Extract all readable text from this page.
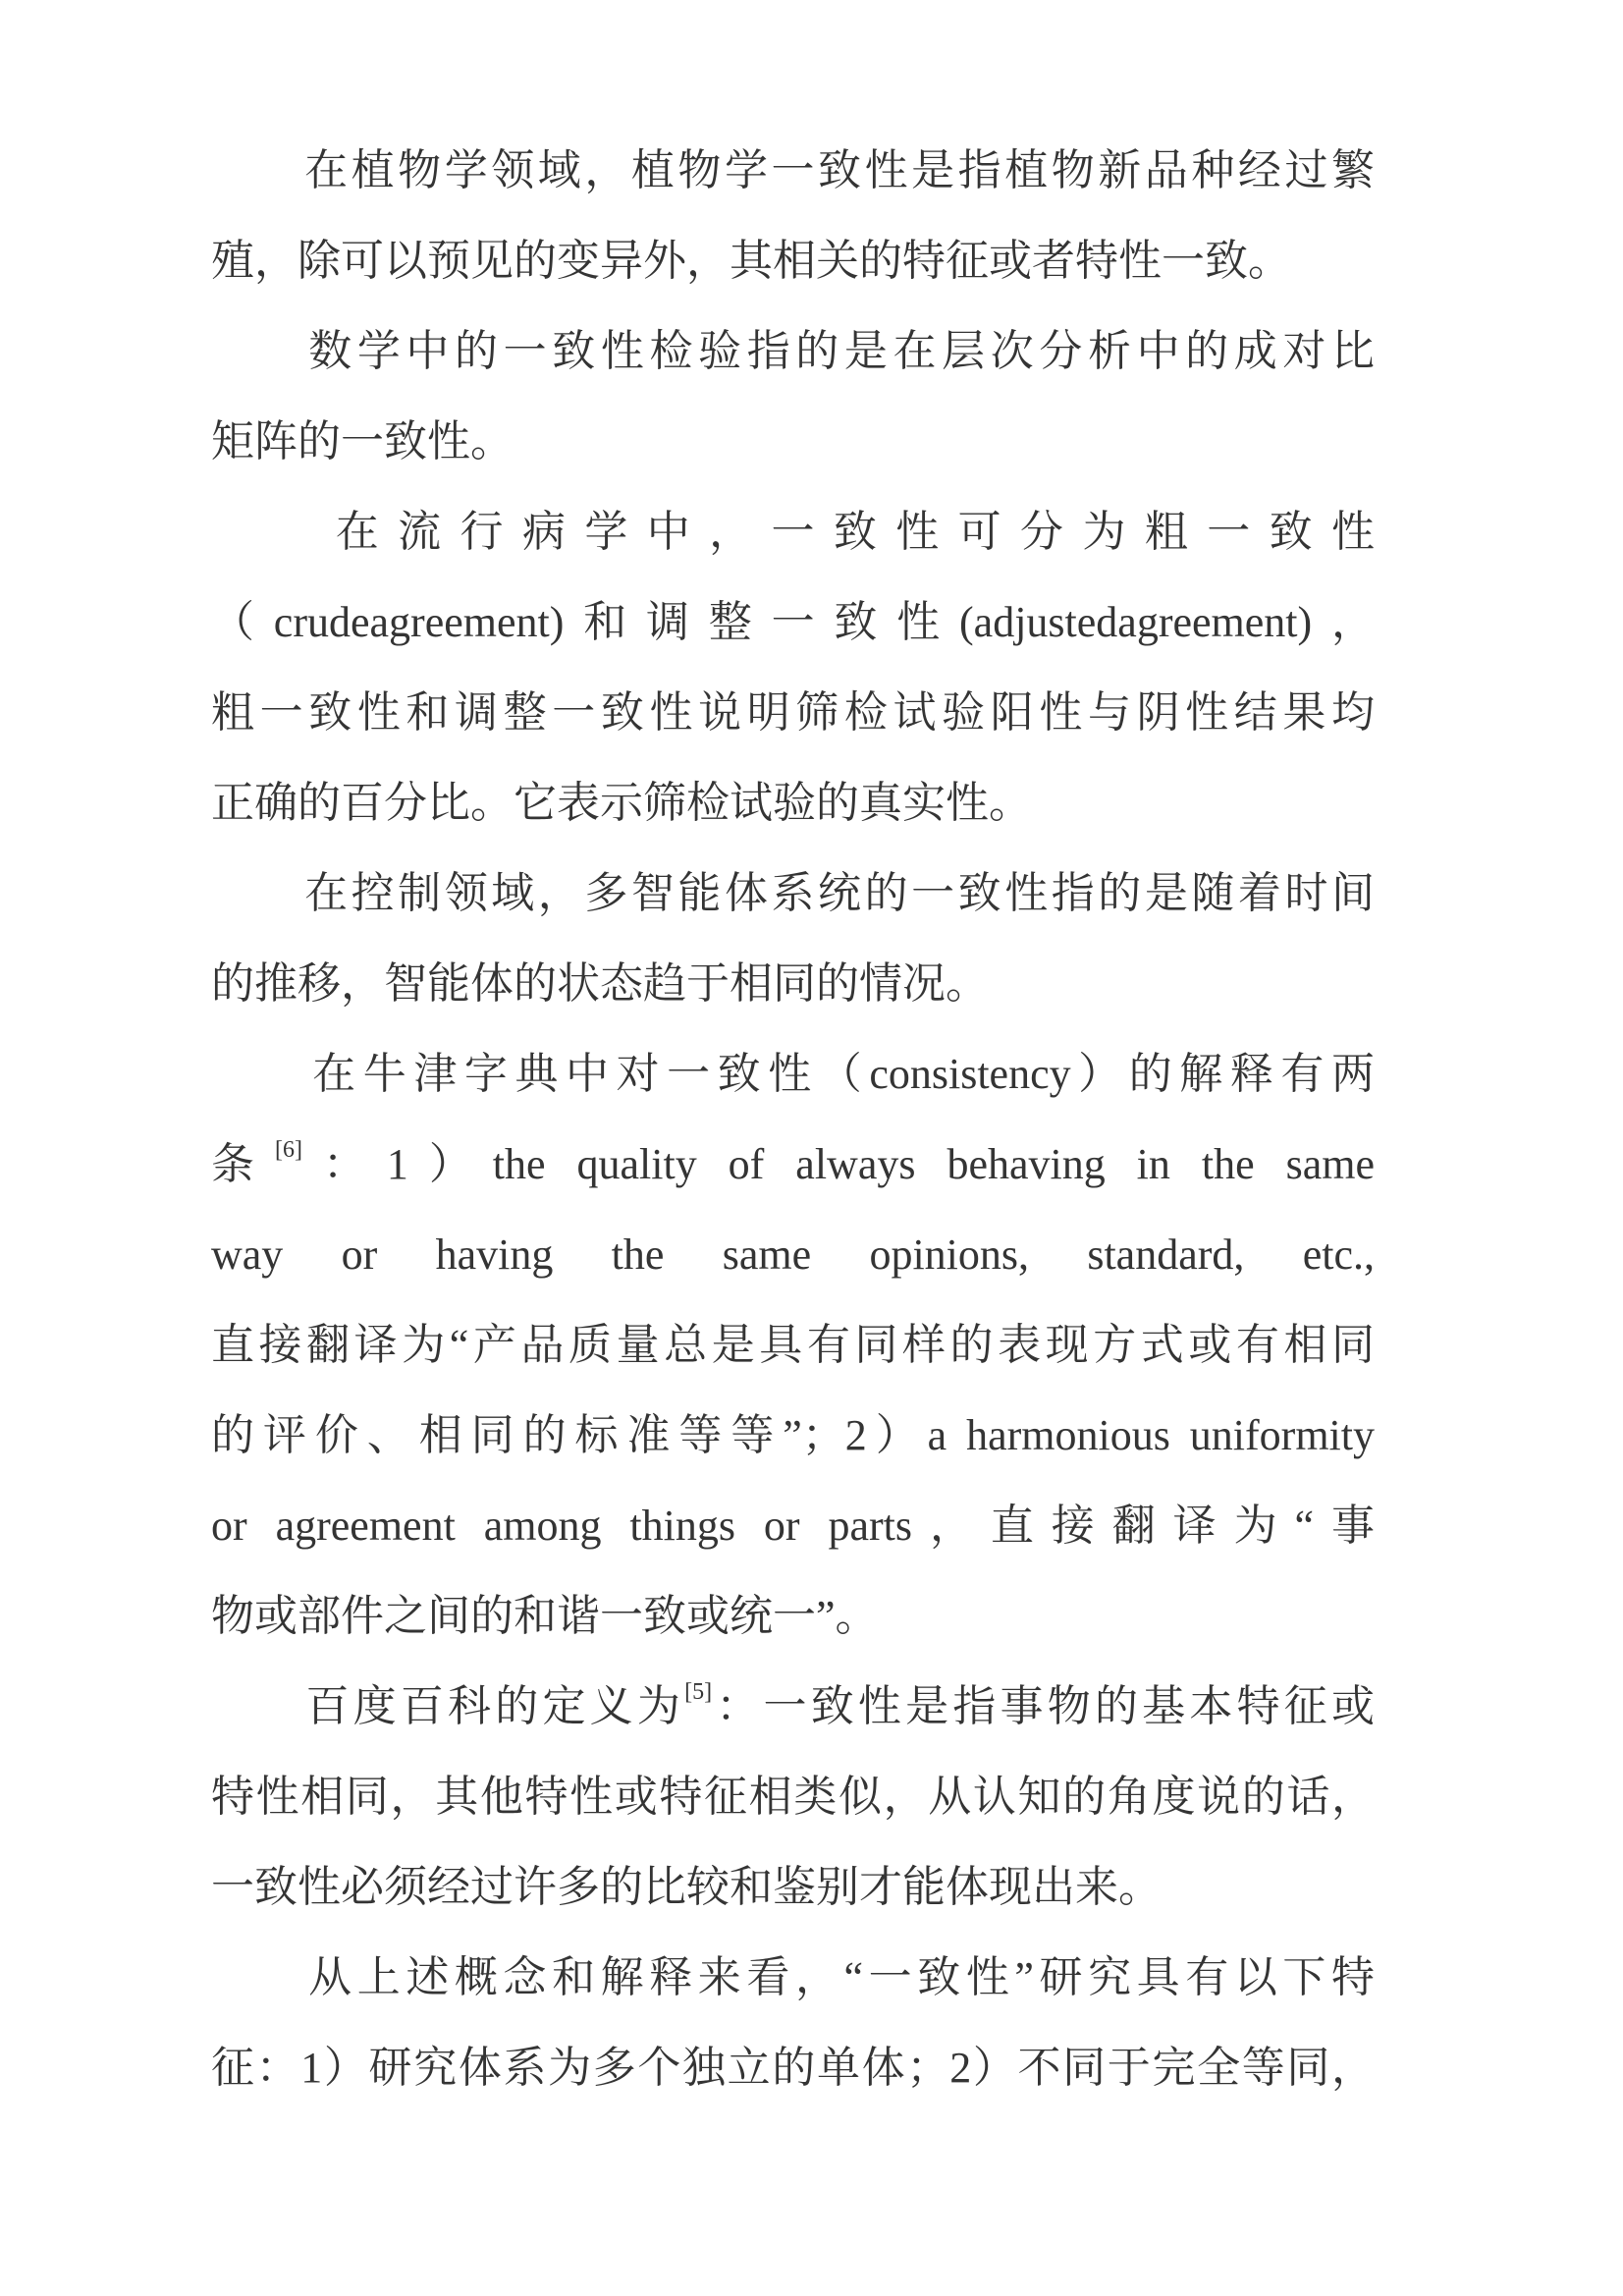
　　在植物学领域，植物学一致性是指植物新品种经过繁
殖，除可以预见的变异外，其相关的特征或者特性一致。
　　数学中的一致性检验指的是在层次分析中的成对比
矩阵的一致性。
　　在流行病学中，一致性可分为粗一致性
（crudeagreement)和调整一致性(adjustedagreement)，
粗一致性和调整一致性说明筛检试验阳性与阴性结果均
正确的百分比。它表示筛检试验的真实性。
　　在控制领域，多智能体系统的一致性指的是随着时间
的推移，智能体的状态趋于相同的情况。
　　在牛津字典中对一致性（consistency）的解释有两
条[6]：1）the quality of always behaving in the same
way or having the same opinions, standard, etc.,
直接翻译为“产品质量总是具有同样的表现方式或有相同
的评价、相同的标准等等”；2）a harmonious uniformity
or agreement among things or parts，直接翻译为“事
物或部件之间的和谐一致或统一”。
　　百度百科的定义为[5]：一致性是指事物的基本特征或
特性相同，其他特性或特征相类似，从认知的角度说的话，
一致性必须经过许多的比较和鉴别才能体现出来。
　　从上述概念和解释来看，“一致性”研究具有以下特
征：1）研究体系为多个独立的单体；2）不同于完全等同，
